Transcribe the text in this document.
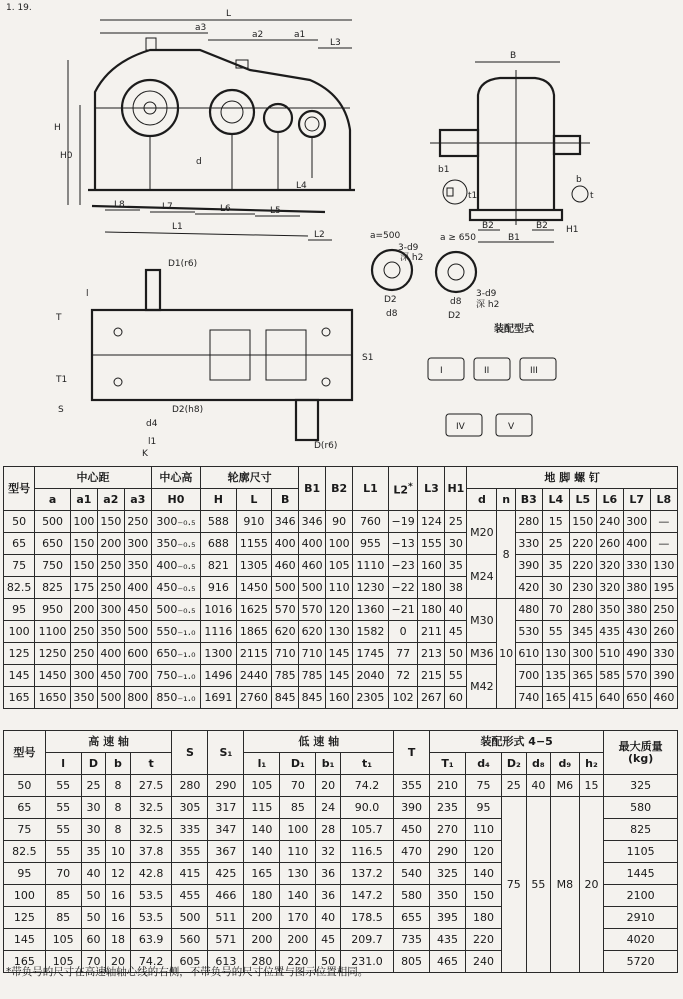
1. 19.
L
a3
a2	a1
L3
H
H0
d
L8	L7	L6	L5
L4
L1
L2
B
b1
b
t1	t
H1
B2	B2
B1
a=500
3-d9
深 h2
D2
d8
a ≥ 650
3-d9
深 h2
d8
D2
D1(r6)
l
T
T1
S
S1
D2(h8)
d4
l1
K
D(r6)
装配型式
I	II	III
IV	V
型号	中心距				中心高	轮廓尺寸			B1	B2	L1	L2*	L3	H1	地 脚 螺 钉							
	a	a1	a2	a3	H0	H	L	B							d	n	B3	L4	L5	L6	L7	L8
50	500	100	150	250	300₋₀.₅	588	910	346	346	90	760	−19	124	25	M20	8	280	15	150	240	300	—
65	650	150	200	300	350₋₀.₅	688	1155	400	400	100	955	−13	155	30			330	25	220	260	400	—
75	750	150	250	350	400₋₀.₅	821	1305	460	460	105	1110	−23	160	35	M24		390	35	220	320	330	130
82.5	825	175	250	400	450₋₀.₅	916	1450	500	500	110	1230	−22	180	38			420	30	230	320	380	195
95	950	200	300	450	500₋₀.₅	1016	1625	570	570	120	1360	−21	180	40	M30	10	480	70	280	350	380	250
100	1100	250	350	500	550₋₁.₀	1116	1865	620	620	130	1582	0	211	45			530	55	345	435	430	260
125	1250	250	400	600	650₋₁.₀	1300	2115	710	710	145	1745	77	213	50	M36		610	130	300	510	490	330
145	1450	300	450	700	750₋₁.₀	1496	2440	785	785	145	2040	72	215	55	M42		700	135	365	585	570	390
165	1650	350	500	800	850₋₁.₀	1691	2760	845	845	160	2305	102	267	60			740	165	415	640	650	460
型号	高 速 轴				S	S₁	低 速 轴				T	装配形式 4−5						最大质量
(kg)
	l	D	b	t			l₁	D₁	b₁	t₁		T₁	d₄	D₂	d₈	d₉	h₂	
50	55	25	8	27.5	280	290	105	70	20	74.2	355	210	75	25	40	M6	15	325
65	55	30	8	32.5	305	317	115	85	24	90.0	390	235	95	75	55	M8	20	580
75	55	30	8	32.5	335	347	140	100	28	105.7	450	270	110					825
82.5	55	35	10	37.8	355	367	140	110	32	116.5	470	290	120					1105
95	70	40	12	42.8	415	425	165	130	36	137.2	540	325	140					1445
100	85	50	16	53.5	455	466	180	140	36	147.2	580	350	150					2100
125	85	50	16	53.5	500	511	200	170	40	178.5	655	395	180					2910
145	105	60	18	63.9	560	571	200	200	45	209.7	735	435	220					4020
165	105	70	20	74.2	605	613	280	220	50	231.0	805	465	240					5720
*带负号的尺寸在高速轴轴心线的右侧，不带负号的尺寸位置与图示位置相同。
